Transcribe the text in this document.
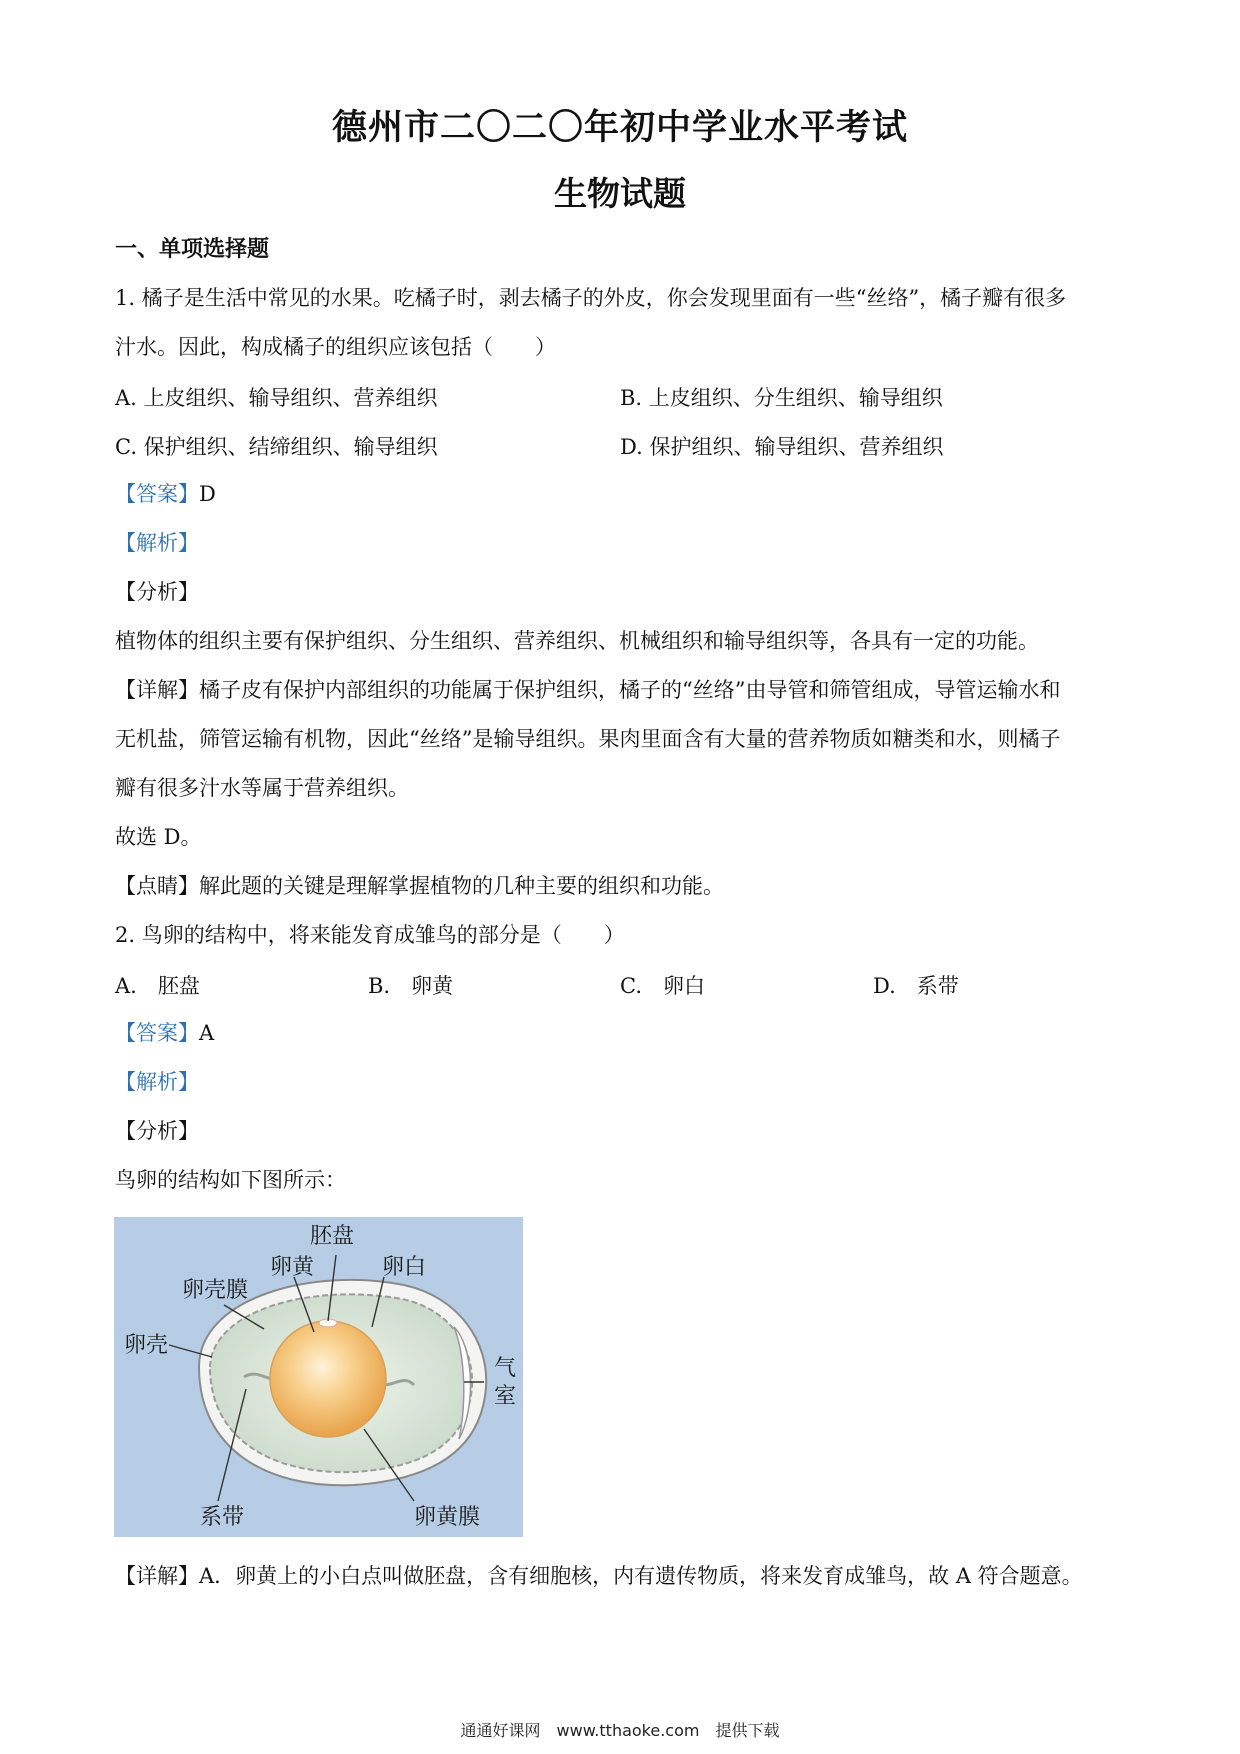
德州市二〇二〇年初中学业水平考试
生物试题
一、单项选择题
1. 橘子是生活中常见的水果。吃橘子时，剥去橘子的外皮，你会发现里面有一些“丝络”，橘子瓣有很多
汁水。因此，构成橘子的组织应该包括（　　）
A. 上皮组织、输导组织、营养组织	B. 上皮组织、分生组织、输导组织
C. 保护组织、结缔组织、输导组织	D. 保护组织、输导组织、营养组织
【答案】D
【解析】
【分析】
植物体的组织主要有保护组织、分生组织、营养组织、机械组织和输导组织等，各具有一定的功能。
【详解】橘子皮有保护内部组织的功能属于保护组织，橘子的“丝络”由导管和筛管组成，导管运输水和
无机盐，筛管运输有机物，因此“丝络”是输导组织。果肉里面含有大量的营养物质如糖类和水，则橘子
瓣有很多汁水等属于营养组织。
故选 D。
【点睛】解此题的关键是理解掌握植物的几种主要的组织和功能。
2. 鸟卵的结构中，将来能发育成雏鸟的部分是（　　）
A.　胚盘	B.　卵黄	C.　卵白	D.　系带
【答案】A
【解析】
【分析】
鸟卵的结构如下图所示：
胚盘
卵黄	卵白
卵壳膜
卵壳
气
室
系带	卵黄膜
【详解】A．卵黄上的小白点叫做胚盘，含有细胞核，内有遗传物质，将来发育成雏鸟，故 A 符合题意。
通通好课网　www.tthaoke.com　提供下载
